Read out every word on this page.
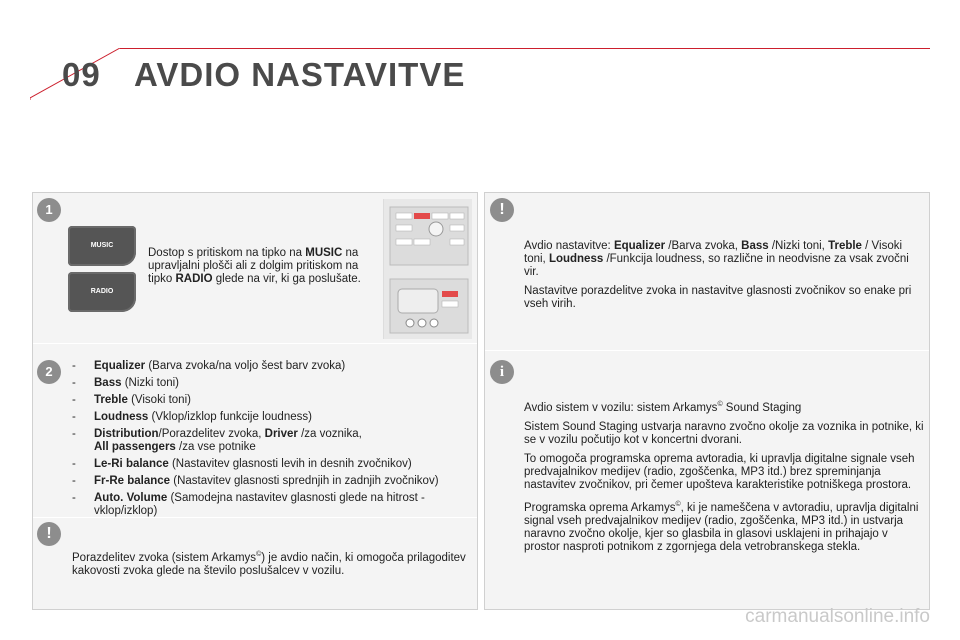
09 AVDIO NASTAVITVE
1
MUSIC
RADIO
Dostop s pritiskom na tipko na MUSIC na upravljalni plošči ali z dolgim pritiskom na tipko RADIO glede na vir, ki ga poslušate.
2	- Equalizer (Barva zvoka/na voljo šest barv zvoka)
- Bass (Nizki toni)
- Treble (Visoki toni)
- Loudness (Vklop/izklop funkcije loudness)
- Distribution/Porazdelitev zvoka, Driver /za voznika,
All passengers /za vse potnike
- Le-Ri balance (Nastavitev glasnosti levih in desnih zvočnikov)
- Fr-Re balance (Nastavitev glasnosti sprednjih in zadnjih zvočnikov)
- Auto. Volume (Samodejna nastavitev glasnosti glede na hitrost - vklop/izklop)
!
Porazdelitev zvoka (sistem Arkamys©) je avdio način, ki omogoča prilagoditev kakovosti zvoka glede na število poslušalcev v vozilu.
!

Avdio nastavitve: Equalizer /Barva zvoka, Bass /Nizki toni, Treble / Visoki toni, Loudness /Funkcija loudness, so različne in neodvisne za vsak zvočni vir.

Nastavitve porazdelitve zvoka in nastavitve glasnosti zvočnikov so enake pri vseh virih.

i

Avdio sistem v vozilu: sistem Arkamys© Sound Staging

Sistem Sound Staging ustvarja naravno zvočno okolje za voznika in potnike, ki se v vozilu počutijo kot v koncertni dvorani.

To omogoča programska oprema avtoradia, ki upravlja digitalne signale vseh predvajalnikov medijev (radio, zgoščenka, MP3 itd.) brez spreminjanja nastavitev zvočnikov, pri čemer upošteva karakteristike potniškega prostora.

Programska oprema Arkamys©, ki je nameščena v avtoradiu, upravlja digitalni signal vseh predvajalnikov medijev (radio, zgoščenka, MP3 itd.) in ustvarja naravno zvočno okolje, kjer so glasbila in glasovi usklajeni in prihajajo v prostor nasproti potnikom z zgornjega dela vetrobranskega stekla.

carmanualsonline.info
